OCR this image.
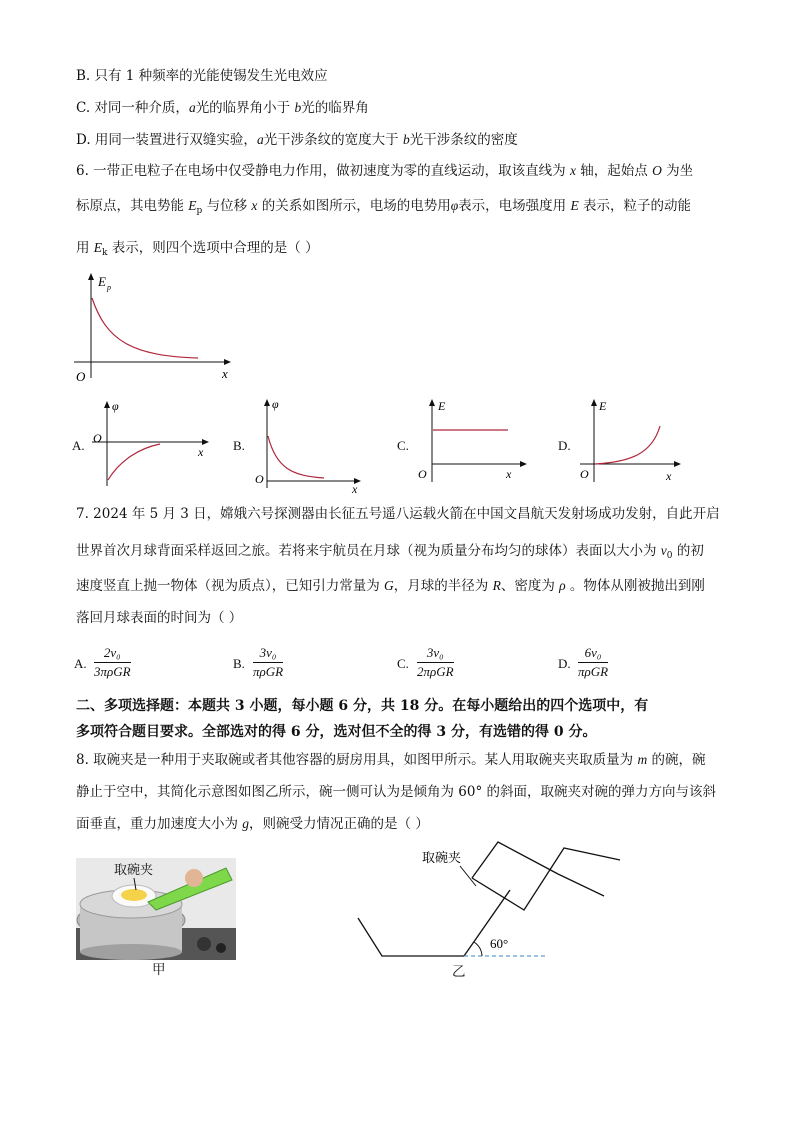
B. 只有 1 种频率的光能使锡发生光电效应
C. 对同一种介质，a光的临界角小于 b光的临界角
D. 用同一装置进行双缝实验，a光干涉条纹的宽度大于 b光干涉条纹的密度
6. 一带正电粒子在电场中仅受静电力作用，做初速度为零的直线运动，取该直线为 x 轴，起始点 O 为坐
标原点，其电势能 $E_p$ 与位移 x 的关系如图所示，电场的电势用φ表示，电场强度用 E 表示，粒子的动能
用 $E_k$ 表示，则四个选项中合理的是（ ）
E p
x
O
A.
φ
O
x B.
φ
O
x
C.
E
O	x
D.
E
O	x
7. 2024 年 5 月 3 日，嫦娥六号探测器由长征五号遥八运载火箭在中国文昌航天发射场成功发射，自此开启
世界首次月球背面采样返回之旅。若将来宇航员在月球（视为质量分布均匀的球体）表面以大小为 $v_0$ 的初
速度竖直上抛一物体（视为质点），已知引力常量为 G，月球的半径为 R、密度为 ρ 。物体从刚被抛出到刚
落回月球表面的时间为（ ）
A.
2v₀
3πρGR
B.
3v₀
πρGR
C.
3v₀
2πρGR
D.
6v₀
πρGR
二、多项选择题：本题共 3 小题，每小题 6 分，共 18 分。在每小题给出的四个选项中，有
多项符合题目要求。全部选对的得 6 分，选对但不全的得 3 分，有选错的得 0 分。
8. 取碗夹是一种用于夹取碗或者其他容器的厨房用具，如图甲所示。某人用取碗夹夹取质量为 m 的碗，碗
静止于空中，其简化示意图如图乙所示，碗一侧可认为是倾角为 60° 的斜面，取碗夹对碗的弹力方向与该斜
面垂直，重力加速度大小为 g，则碗受力情况正确的是（ ）
取碗夹
甲
取碗夹
60°
乙
